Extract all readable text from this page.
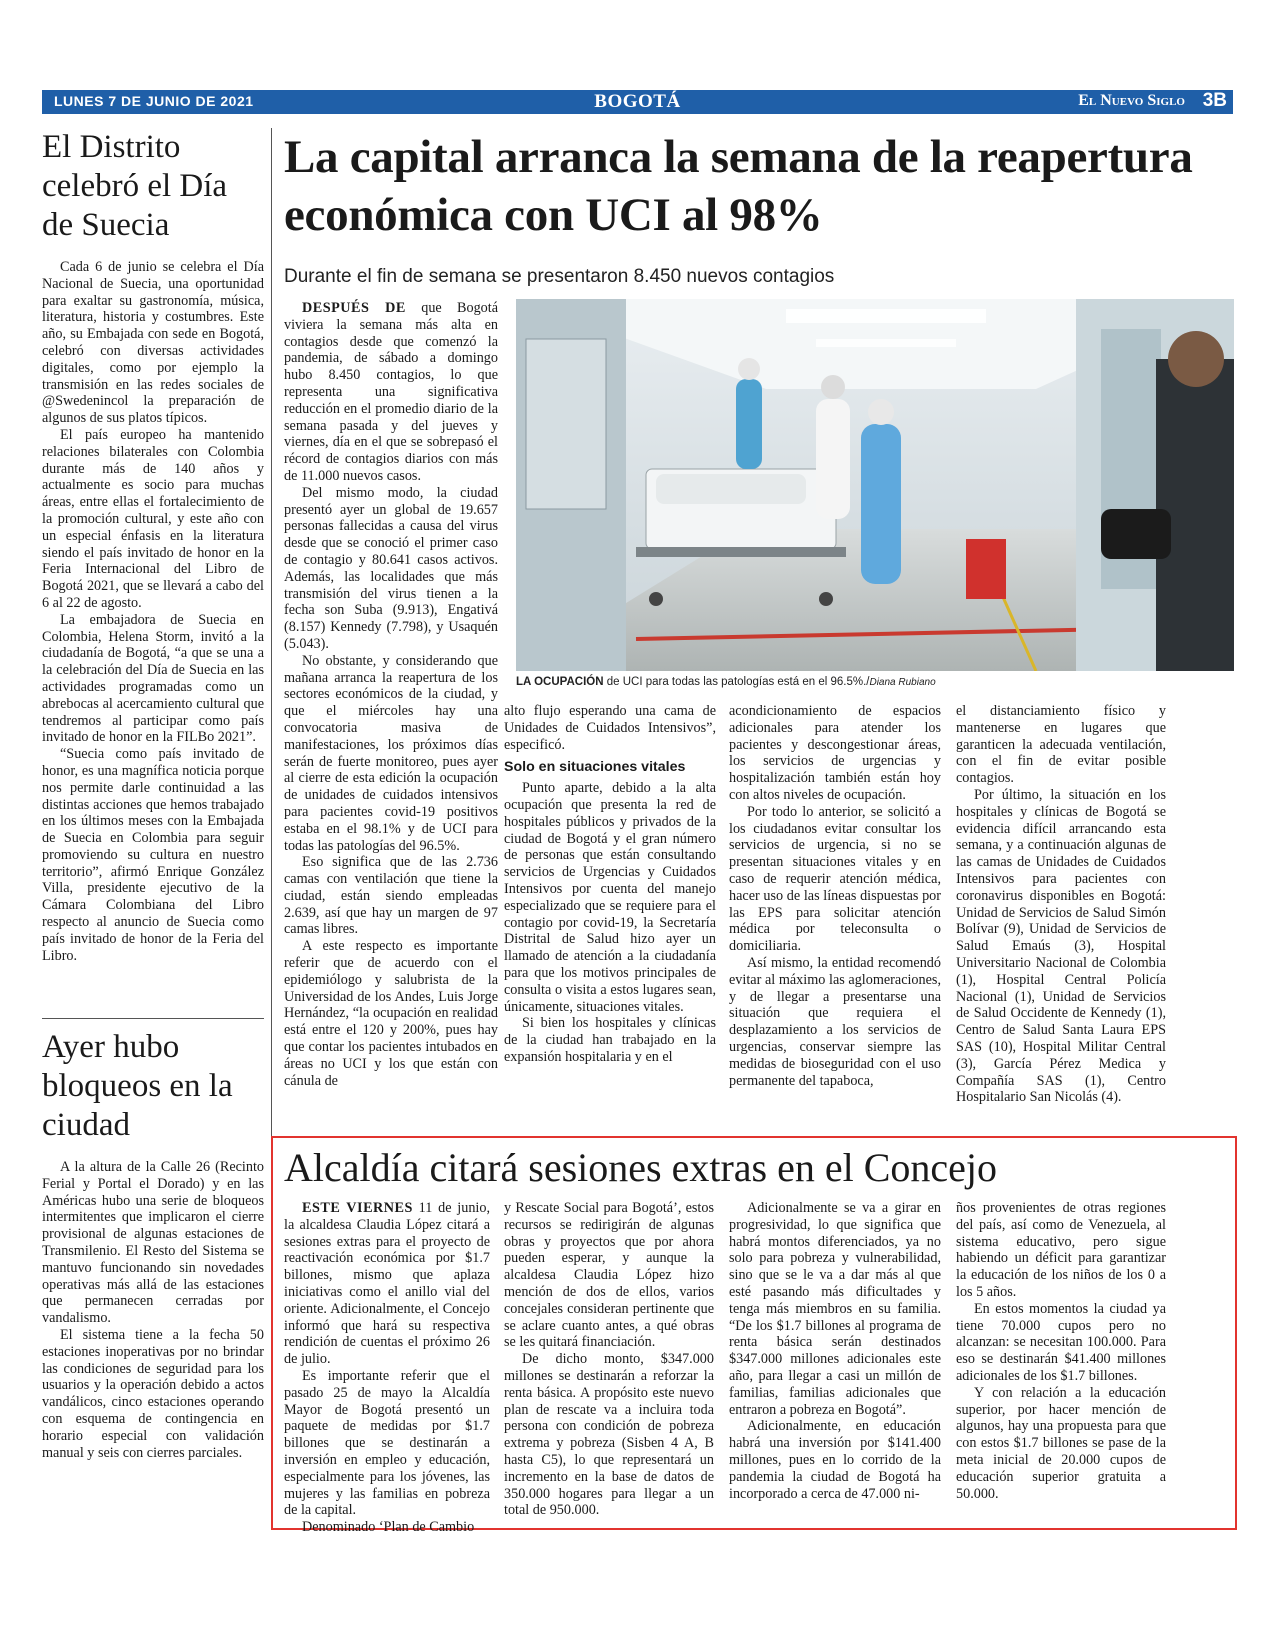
LUNES 7 DE JUNIO DE 2021	BOGOTÁ	El Nuevo Siglo 3B
El Distrito celebró el Día de Suecia

Cada 6 de junio se celebra el Día Nacional de Suecia, una oportunidad para exaltar su gastronomía, música, literatura, historia y costumbres. Este año, su Embajada con sede en Bogotá, celebró con diversas actividades digitales, como por ejemplo la transmisión en las redes sociales de @Swedenincol la preparación de algunos de sus platos típicos.

El país europeo ha mantenido relaciones bilaterales con Colombia durante más de 140 años y actualmente es socio para muchas áreas, entre ellas el fortalecimiento de la promoción cultural, y este año con un especial énfasis en la literatura siendo el país invitado de honor en la Feria Internacional del Libro de Bogotá 2021, que se llevará a cabo del 6 al 22 de agosto.

La embajadora de Suecia en Colombia, Helena Storm, invitó a la ciudadanía de Bogotá, “a que se una a la celebración del Día de Suecia en las actividades programadas como un abrebocas al acercamiento cultural que tendremos al participar como país invitado de honor en la FILBo 2021”.

“Suecia como país invitado de honor, es una magnífica noticia porque nos permite darle continuidad a las distintas acciones que hemos trabajado en los últimos meses con la Embajada de Suecia en Colombia para seguir promoviendo su cultura en nuestro territorio”, afirmó Enrique González Villa, presidente ejecutivo de la Cámara Colombiana del Libro respecto al anuncio de Suecia como país invitado de honor de la Feria del Libro.

Ayer hubo bloqueos en la ciudad

A la altura de la Calle 26 (Recinto Ferial y Portal el Dorado) y en las Américas hubo una serie de bloqueos intermitentes que implicaron el cierre provisional de algunas estaciones de Transmilenio. El Resto del Sistema se mantuvo funcionando sin novedades operativas más allá de las estaciones que permanecen cerradas por vandalismo.

El sistema tiene a la fecha 50 estaciones inoperativas por no brindar las condiciones de seguridad para los usuarios y la operación debido a actos vandálicos, cinco estaciones operando con esquema de contingencia en horario especial con validación manual y seis con cierres parciales.

La capital arranca la semana de la reapertura económica con UCI al 98%
Durante el fin de semana se presentaron 8.450 nuevos contagios

DESPUÉS DE que Bogotá viviera la semana más alta en contagios desde que comenzó la pandemia, de sábado a domingo hubo 8.450 contagios, lo que representa una significativa reducción en el promedio diario de la semana pasada y del jueves y viernes, día en el que se sobrepasó el récord de contagios diarios con más de 11.000 nuevos casos.

Del mismo modo, la ciudad presentó ayer un global de 19.657 personas fallecidas a causa del virus desde que se conoció el primer caso de contagio y 80.641 casos activos. Además, las localidades que más transmisión del virus tienen a la fecha son Suba (9.913), Engativá (8.157) Kennedy (7.798), y Usaquén (5.043).

No obstante, y considerando que mañana arranca la reapertura de los sectores económicos de la ciudad, y que el miércoles hay una convocatoria masiva de manifestaciones, los próximos días serán de fuerte monitoreo, pues ayer al cierre de esta edición la ocupación de unidades de cuidados intensivos para pacientes covid-19 positivos estaba en el 98.1% y de UCI para todas las patologías del 96.5%.

Eso significa que de las 2.736 camas con ventilación que tiene la ciudad, están siendo empleadas 2.639, así que hay un margen de 97 camas libres.

A este respecto es importante referir que de acuerdo con el epidemiólogo y salubrista de la Universidad de los Andes, Luis Jorge Hernández, “la ocupación en realidad está entre el 120 y 200%, pues hay que contar los pacientes intubados en áreas no UCI y los que están con cánula de

LA OCUPACIÓN de UCI para todas las patologías está en el 96.5%./Diana Rubiano

alto flujo esperando una cama de Unidades de Cuidados Intensivos”, especificó.

Solo en situaciones vitales

Punto aparte, debido a la alta ocupación que presenta la red de hospitales públicos y privados de la ciudad de Bogotá y el gran número de personas que están consultando servicios de Urgencias y Cuidados Intensivos por cuenta del manejo especializado que se requiere para el contagio por covid-19, la Secretaría Distrital de Salud hizo ayer un llamado de atención a la ciudadanía para que los motivos principales de consulta o visita a estos lugares sean, únicamente, situaciones vitales.

Si bien los hospitales y clínicas de la ciudad han trabajado en la expansión hospitalaria y en el

acondicionamiento de espacios adicionales para atender los pacientes y descongestionar áreas, los servicios de urgencias y hospitalización también están hoy con altos niveles de ocupación.

Por todo lo anterior, se solicitó a los ciudadanos evitar consultar los servicios de urgencia, si no se presentan situaciones vitales y en caso de requerir atención médica, hacer uso de las líneas dispuestas por las EPS para solicitar atención médica por teleconsulta o domiciliaria.

Así mismo, la entidad recomendó evitar al máximo las aglomeraciones, y de llegar a presentarse una situación que requiera el desplazamiento a los servicios de urgencias, conservar siempre las medidas de bioseguridad con el uso permanente del tapaboca,

el distanciamiento físico y mantenerse en lugares que garanticen la adecuada ventilación, con el fin de evitar posible contagios.

Por último, la situación en los hospitales y clínicas de Bogotá se evidencia difícil arrancando esta semana, y a continuación algunas de las camas de Unidades de Cuidados Intensivos para pacientes con coronavirus disponibles en Bogotá: Unidad de Servicios de Salud Simón Bolívar (9), Unidad de Servicios de Salud Emaús (3), Hospital Universitario Nacional de Colombia (1), Hospital Central Policía Nacional (1), Unidad de Servicios de Salud Occidente de Kennedy (1), Centro de Salud Santa Laura EPS SAS (10), Hospital Militar Central (3), García Pérez Medica y Compañía SAS (1), Centro Hospitalario San Nicolás (4).

Alcaldía citará sesiones extras en el Concejo

ESTE VIERNES 11 de junio, la alcaldesa Claudia López citará a sesiones extras para el proyecto de reactivación económica por $1.7 billones, mismo que aplaza iniciativas como el anillo vial del oriente. Adicionalmente, el Concejo informó que hará su respectiva rendición de cuentas el próximo 26 de julio.

Es importante referir que el pasado 25 de mayo la Alcaldía Mayor de Bogotá presentó un paquete de medidas por $1.7 billones que se destinarán a inversión en empleo y educación, especialmente para los jóvenes, las mujeres y las familias en pobreza de la capital.

Denominado ‘Plan de Cambio

y Rescate Social para Bogotá’, estos recursos se redirigirán de algunas obras y proyectos que por ahora pueden esperar, y aunque la alcaldesa Claudia López hizo mención de dos de ellos, varios concejales consideran pertinente que se aclare cuanto antes, a qué obras se les quitará financiación.

De dicho monto, $347.000 millones se destinarán a reforzar la renta básica. A propósito este nuevo plan de rescate va a incluira toda persona con condición de pobreza extrema y pobreza (Sisben 4 A, B hasta C5), lo que representará un incremento en la base de datos de 350.000 hogares para llegar a un total de 950.000.

Adicionalmente se va a girar en progresividad, lo que significa que habrá montos diferenciados, ya no solo para pobreza y vulnerabilidad, sino que se le va a dar más al que esté pasando más dificultades y tenga más miembros en su familia. “De los $1.7 billones al programa de renta básica serán destinados $347.000 millones adicionales este año, para llegar a casi un millón de familias, familias adicionales que entraron a pobreza en Bogotá”.

Adicionalmente, en educación habrá una inversión por $141.400 millones, pues en lo corrido de la pandemia la ciudad de Bogotá ha incorporado a cerca de 47.000 ni-

ños provenientes de otras regiones del país, así como de Venezuela, al sistema educativo, pero sigue habiendo un déficit para garantizar la educación de los niños de los 0 a los 5 años.

En estos momentos la ciudad ya tiene 70.000 cupos pero no alcanzan: se necesitan 100.000. Para eso se destinarán $41.400 millones adicionales de los $1.7 billones.

Y con relación a la educación superior, por hacer mención de algunos, hay una propuesta para que con estos $1.7 billones se pase de la meta inicial de 20.000 cupos de educación superior gratuita a 50.000.
